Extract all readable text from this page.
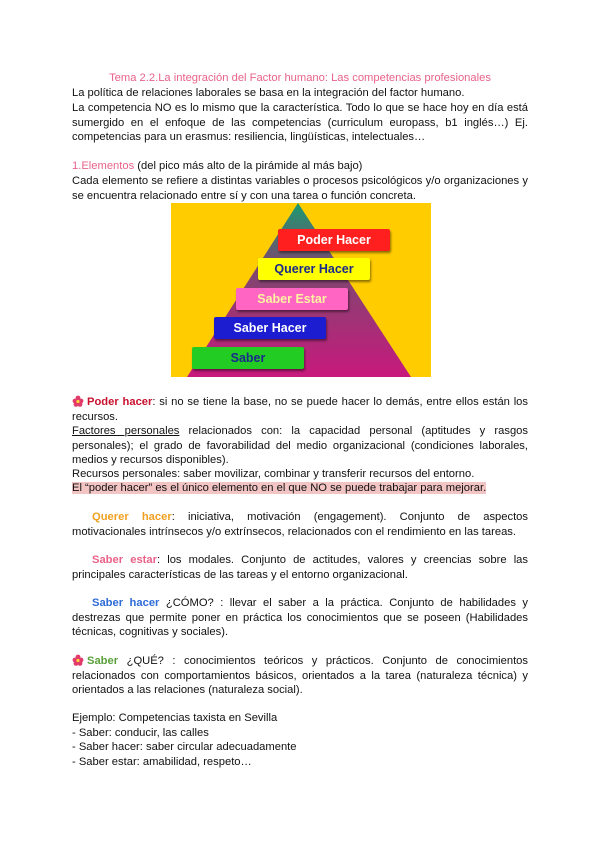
Tema 2.2.La integración del Factor humano: Las competencias profesionales
La política de relaciones laborales se basa en la integración del factor humano.
La competencia NO es lo mismo que la característica. Todo lo que se hace hoy en día está sumergido en el enfoque de las competencias (curriculum europass, b1 inglés…) Ej. competencias para un erasmus: resiliencia, lingüísticas, intelectuales…
1.Elementos (del pico más alto de la pirámide al más bajo)
Cada elemento se refiere a distintas variables o procesos psicológicos y/o organizaciones y se encuentra relacionado entre sí y con una tarea o función concreta.
Poder Hacer
Querer Hacer
Saber Estar
Saber Hacer
Saber
Poder hacer: si no se tiene la base, no se puede hacer lo demás, entre ellos están los recursos.
Factores personales relacionados con: la capacidad personal (aptitudes y rasgos personales); el grado de favorabilidad del medio organizacional (condiciones laborales, medios y recursos disponibles).
Recursos personales: saber movilizar, combinar y transferir recursos del entorno.
El “poder hacer” es el único elemento en el que NO se puede trabajar para mejorar.
Querer hacer: iniciativa, motivación (engagement). Conjunto de aspectos motivacionales intrínsecos y/o extrínsecos, relacionados con el rendimiento en las tareas.
Saber estar: los modales. Conjunto de actitudes, valores y creencias sobre las principales características de las tareas y el entorno organizacional.
Saber hacer ¿CÓMO? : llevar el saber a la práctica. Conjunto de habilidades y destrezas que permite poner en práctica los conocimientos que se poseen (Habilidades técnicas, cognitivas y sociales).
Saber ¿QUÉ? : conocimientos teóricos y prácticos. Conjunto de conocimientos relacionados con comportamientos básicos, orientados a la tarea (naturaleza técnica) y orientados a las relaciones (naturaleza social).
Ejemplo: Competencias taxista en Sevilla
- Saber: conducir, las calles
- Saber hacer: saber circular adecuadamente
- Saber estar: amabilidad, respeto…
